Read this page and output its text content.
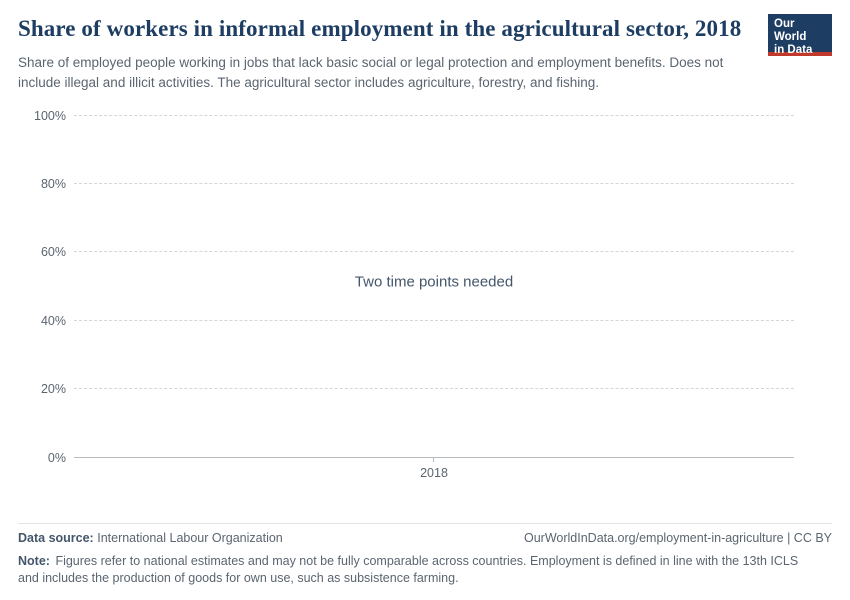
Our World
in Data
Share of workers in informal employment in the agricultural sector, 2018

Share of employed people working in jobs that lack basic social or legal protection and employment benefits. Does not include illegal and illicit activities. The agricultural sector includes agriculture, forestry, and fishing.

100%
80%
60%
40%
20%
0%
2018
Two time points needed
Data source: International Labour Organization	OurWorldInData.org/employment-in-agriculture | CC BY
Note: Figures refer to national estimates and may not be fully comparable across countries. Employment is defined in line with the 13th ICLS and includes the production of goods for own use, such as subsistence farming.
